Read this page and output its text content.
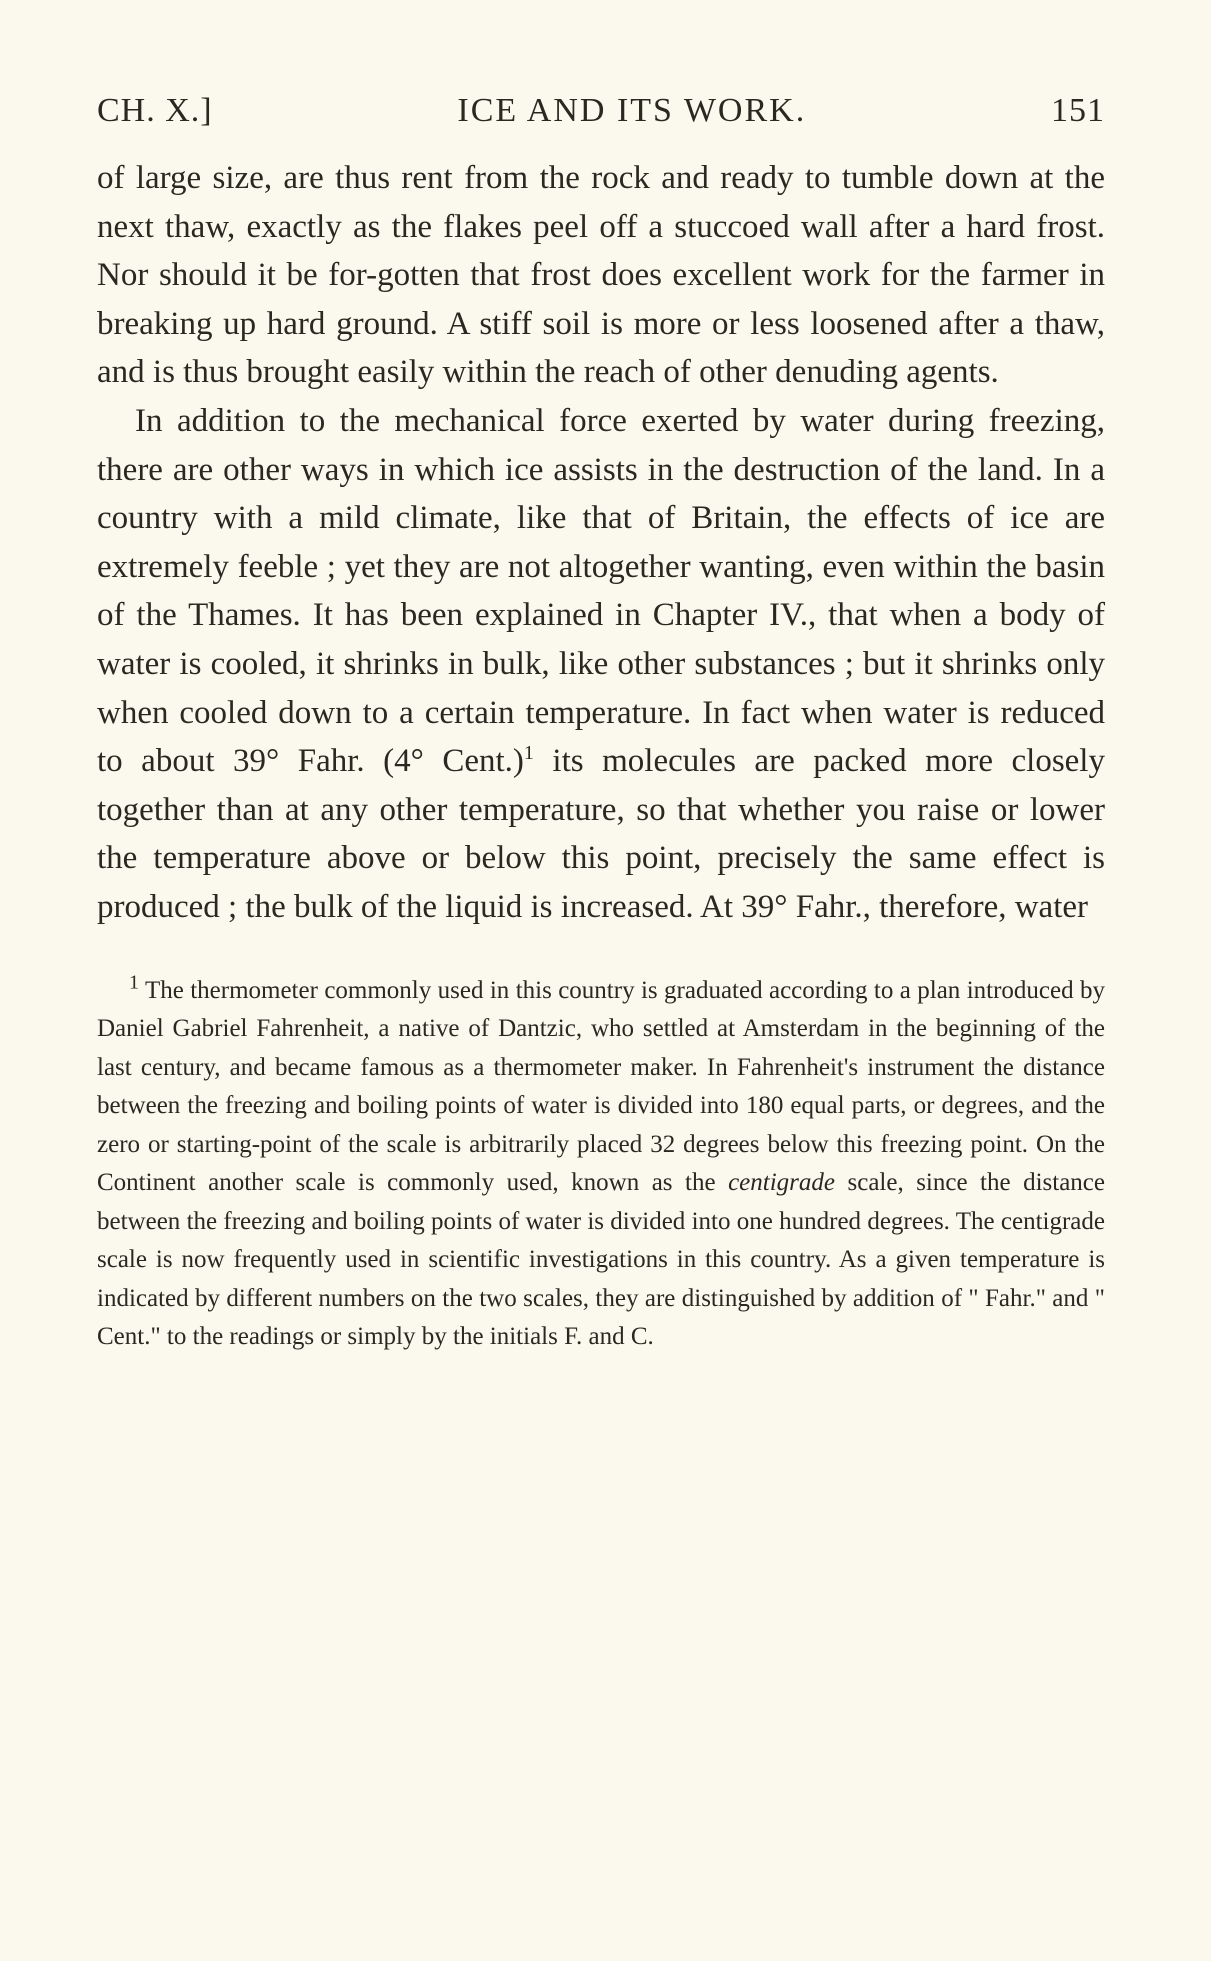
CH. X.]	ICE AND ITS WORK.	151

of large size, are thus rent from the rock and ready to tumble down at the next thaw, exactly as the flakes peel off a stuccoed wall after a hard frost. Nor should it be for-gotten that frost does excellent work for the farmer in breaking up hard ground. A stiff soil is more or less loosened after a thaw, and is thus brought easily within the reach of other denuding agents.

In addition to the mechanical force exerted by water during freezing, there are other ways in which ice assists in the destruction of the land. In a country with a mild climate, like that of Britain, the effects of ice are extremely feeble ; yet they are not altogether wanting, even within the basin of the Thames. It has been explained in Chapter IV., that when a body of water is cooled, it shrinks in bulk, like other substances ; but it shrinks only when cooled down to a certain temperature. In fact when water is reduced to about 39° Fahr. (4° Cent.)$^1$ its molecules are packed more closely together than at any other temperature, so that whether you raise or lower the temperature above or below this point, precisely the same effect is produced ; the bulk of the liquid is increased. At 39° Fahr., therefore, water

$^1$ The thermometer commonly used in this country is graduated according to a plan introduced by Daniel Gabriel Fahrenheit, a native of Dantzic, who settled at Amsterdam in the beginning of the last century, and became famous as a thermometer maker. In Fahrenheit's instrument the distance between the freezing and boiling points of water is divided into 180 equal parts, or degrees, and the zero or starting-point of the scale is arbitrarily placed 32 degrees below this freezing point. On the Continent another scale is commonly used, known as the centigrade scale, since the distance between the freezing and boiling points of water is divided into one hundred degrees. The centigrade scale is now frequently used in scientific investigations in this country. As a given temperature is indicated by different numbers on the two scales, they are distinguished by addition of " Fahr." and " Cent." to the readings or simply by the initials F. and C.
